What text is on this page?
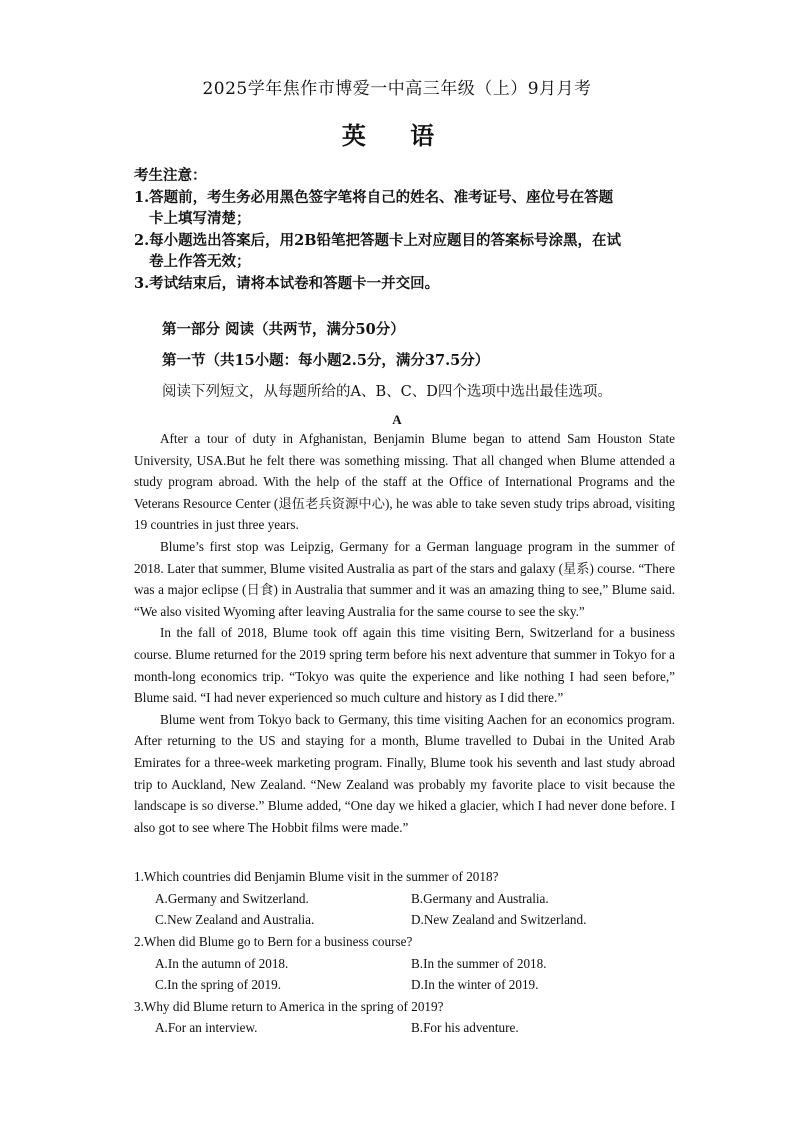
2025学年焦作市博爱一中高三年级（上）9月月考
英 语
考生注意：
1.答题前，考生务必用黑色签字笔将自己的姓名、准考证号、座位号在答题
卡上填写清楚；
2.每小题选出答案后，用2B铅笔把答题卡上对应题目的答案标号涂黑，在试
卷上作答无效；
3.考试结束后，请将本试卷和答题卡一并交回。
第一部分 阅读（共两节，满分50分）
第一节（共15小题：每小题2.5分，满分37.5分）
阅读下列短文，从每题所给的A、B、C、D四个选项中选出最佳选项。
A

After a tour of duty in Afghanistan, Benjamin Blume began to attend Sam Houston State University, USA.But he felt there was something missing. That all changed when Blume attended a study program abroad. With the help of the staff at the Office of International Programs and the Veterans Resource Center (退伍老兵资源中心), he was able to take seven study trips abroad, visiting 19 countries in just three years.

Blume’s first stop was Leipzig, Germany for a German language program in the summer of 2018. Later that summer, Blume visited Australia as part of the stars and galaxy (星系) course. “There was a major eclipse (日食) in Australia that summer and it was an amazing thing to see,” Blume said. “We also visited Wyoming after leaving Australia for the same course to see the sky.”

In the fall of 2018, Blume took off again this time visiting Bern, Switzerland for a business course. Blume returned for the 2019 spring term before his next adventure that summer in Tokyo for a month-long economics trip. “Tokyo was quite the experience and like nothing I had seen before,” Blume said. “I had never experienced so much culture and history as I did there.”

Blume went from Tokyo back to Germany, this time visiting Aachen for an economics program. After returning to the US and staying for a month, Blume travelled to Dubai in the United Arab Emirates for a three-week marketing program. Finally, Blume took his seventh and last study abroad trip to Auckland, New Zealand. “New Zealand was probably my favorite place to visit because the landscape is so diverse.” Blume added, “One day we hiked a glacier, which I had never done before. I also got to see where The Hobbit films were made.”

1.Which countries did Benjamin Blume visit in the summer of 2018?
A.Germany and Switzerland.	B.Germany and Australia.
C.New Zealand and Australia.	D.New Zealand and Switzerland.
2.When did Blume go to Bern for a business course?
A.In the autumn of 2018.	B.In the summer of 2018.
C.In the spring of 2019.	D.In the winter of 2019.
3.Why did Blume return to America in the spring of 2019?
A.For an interview.	B.For his adventure.
